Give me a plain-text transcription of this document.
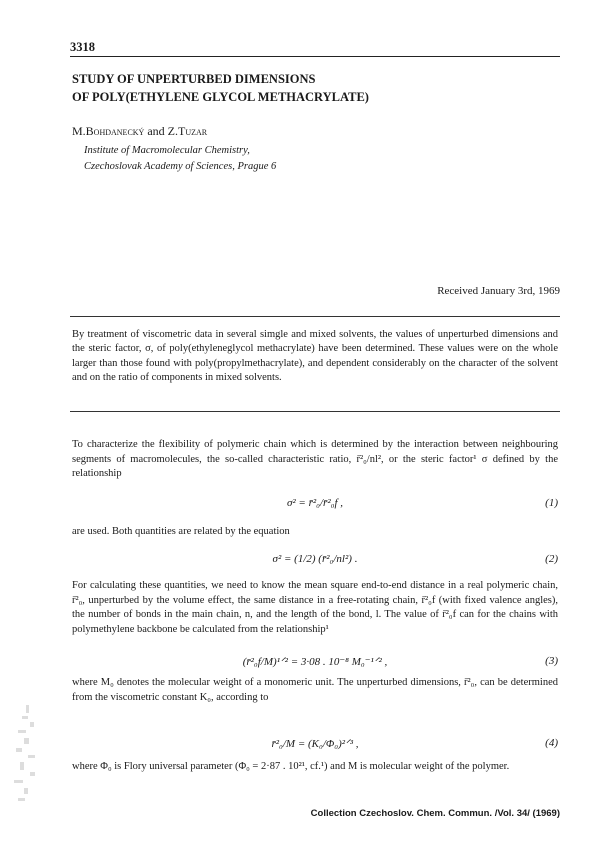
3318
STUDY OF UNPERTURBED DIMENSIONS
OF POLY(ETHYLENE GLYCOL METHACRYLATE)
M.Bohdanecký and Z.Tuzar
Institute of Macromolecular Chemistry,
Czechoslovak Academy of Sciences, Prague 6
Received January 3rd, 1969
By treatment of viscometric data in several simgle and mixed solvents, the values of unperturbed dimensions and the steric factor, σ, of poly(ethyleneglycol methacrylate) have been determined. These values were on the whole larger than those found with poly(propylmethacrylate), and dependent considerably on the character of the solvent and on the ratio of components in mixed solvents.
To characterize the flexibility of polymeric chain which is determined by the interaction between neighbouring segments of macromolecules, the so-called characteristic ratio, r̄²₀/nl², or the steric factor¹ σ defined by the relationship
σ² = r̄²₀/r̄²₀f ,	(1)
are used. Both quantities are related by the equation
σ² = (1/2) (r̄²₀/nl²) .	(2)
For calculating these quantities, we need to know the mean square end-to-end distance in a real polymeric chain, r̄²₀, unperturbed by the volume effect, the same distance in a free-rotating chain, r̄²₀f (with fixed valence angles), the number of bonds in the main chain, n, and the length of the bond, l. The value of r̄²₀f can for the chains with polymethylene backbone be calculated from the relationship¹
(r̄²₀f/M)¹ᐟ² = 3·08 . 10⁻⁸ M₀⁻¹ᐟ² ,	(3)
where M₀ denotes the molecular weight of a monomeric unit. The unperturbed dimensions, r̄²₀, can be determined from the viscometric constant K₀, according to
r̄²₀/M = (K₀/Φ₀)²ᐟ³ ,	(4)
where Φ₀ is Flory universal parameter (Φ₀ = 2·87 . 10²¹, cf.¹) and M is molecular weight of the polymer.
Collection Czechoslov. Chem. Commun. /Vol. 34/ (1969)
